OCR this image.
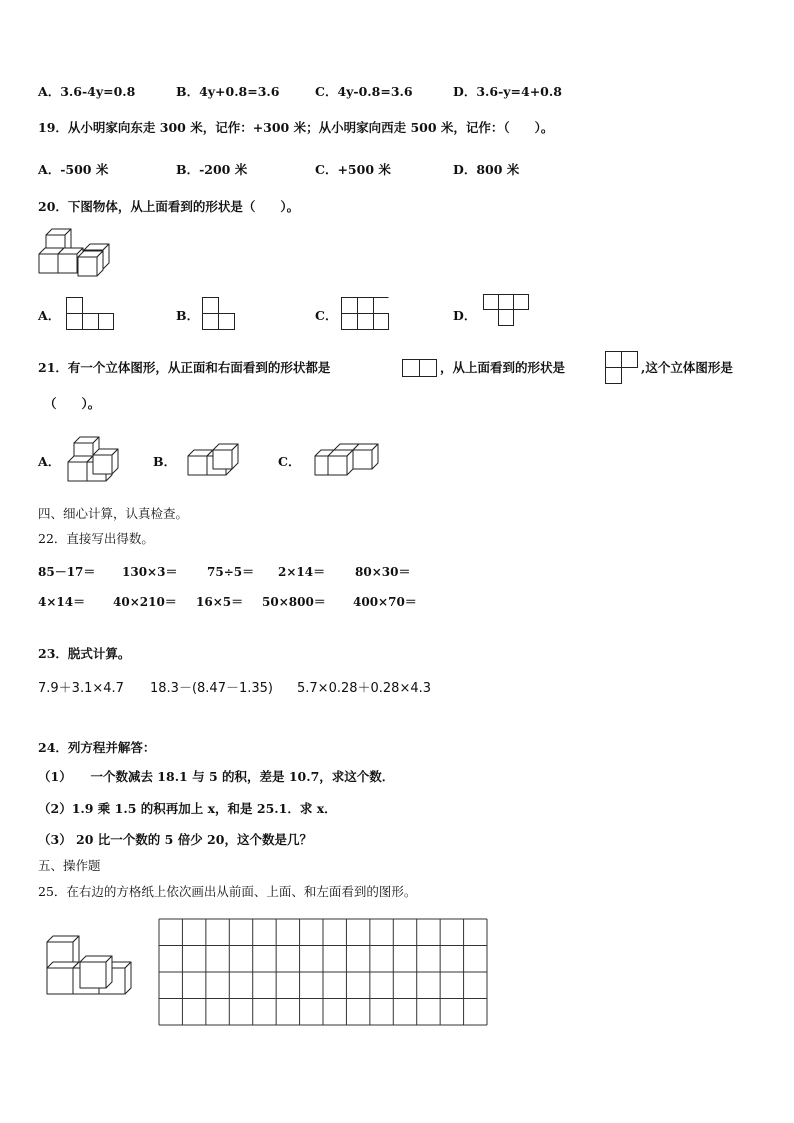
A．3.6-4y=0.8	B．4y+0.8=3.6	C．4y-0.8=3.6	D．3.6-y=4+0.8
19．从小明家向东走 300 米，记作：+300 米；从小明家向西走 500 米，记作：（　　）。
A．-500 米	B．-200 米	C．+500 米	D．800 米
20．下图物体，从上面看到的形状是（　　）。
A．	B．	C．	D．
21．有一个立体图形，从正面和右面看到的形状都是	，从上面看到的形状是	,这个立体图形是
（　　）。
A．	B．	C．
四、细心计算，认真检查。
22．直接写出得数。
85－17＝ 130×3＝ 75÷5＝ 2×14＝ 80×30＝
4×14＝ 40×210＝ 16×5＝ 50×800＝ 400×70＝
23．脱式计算。
7.9＋3.1×4.7 18.3－(8.47－1.35) 5.7×0.28＋0.28×4.3
24．列方程并解答：
（1）　　一个数减去 18.1 与 5 的积，差是 10.7，求这个数．
（2）1.9 乘 1.5 的积再加上 x，和是 25.1．求 x．
（3） 20 比一个数的 5 倍少 20，这个数是几？
五、操作题
25．在右边的方格纸上依次画出从前面、上面、和左面看到的图形。
